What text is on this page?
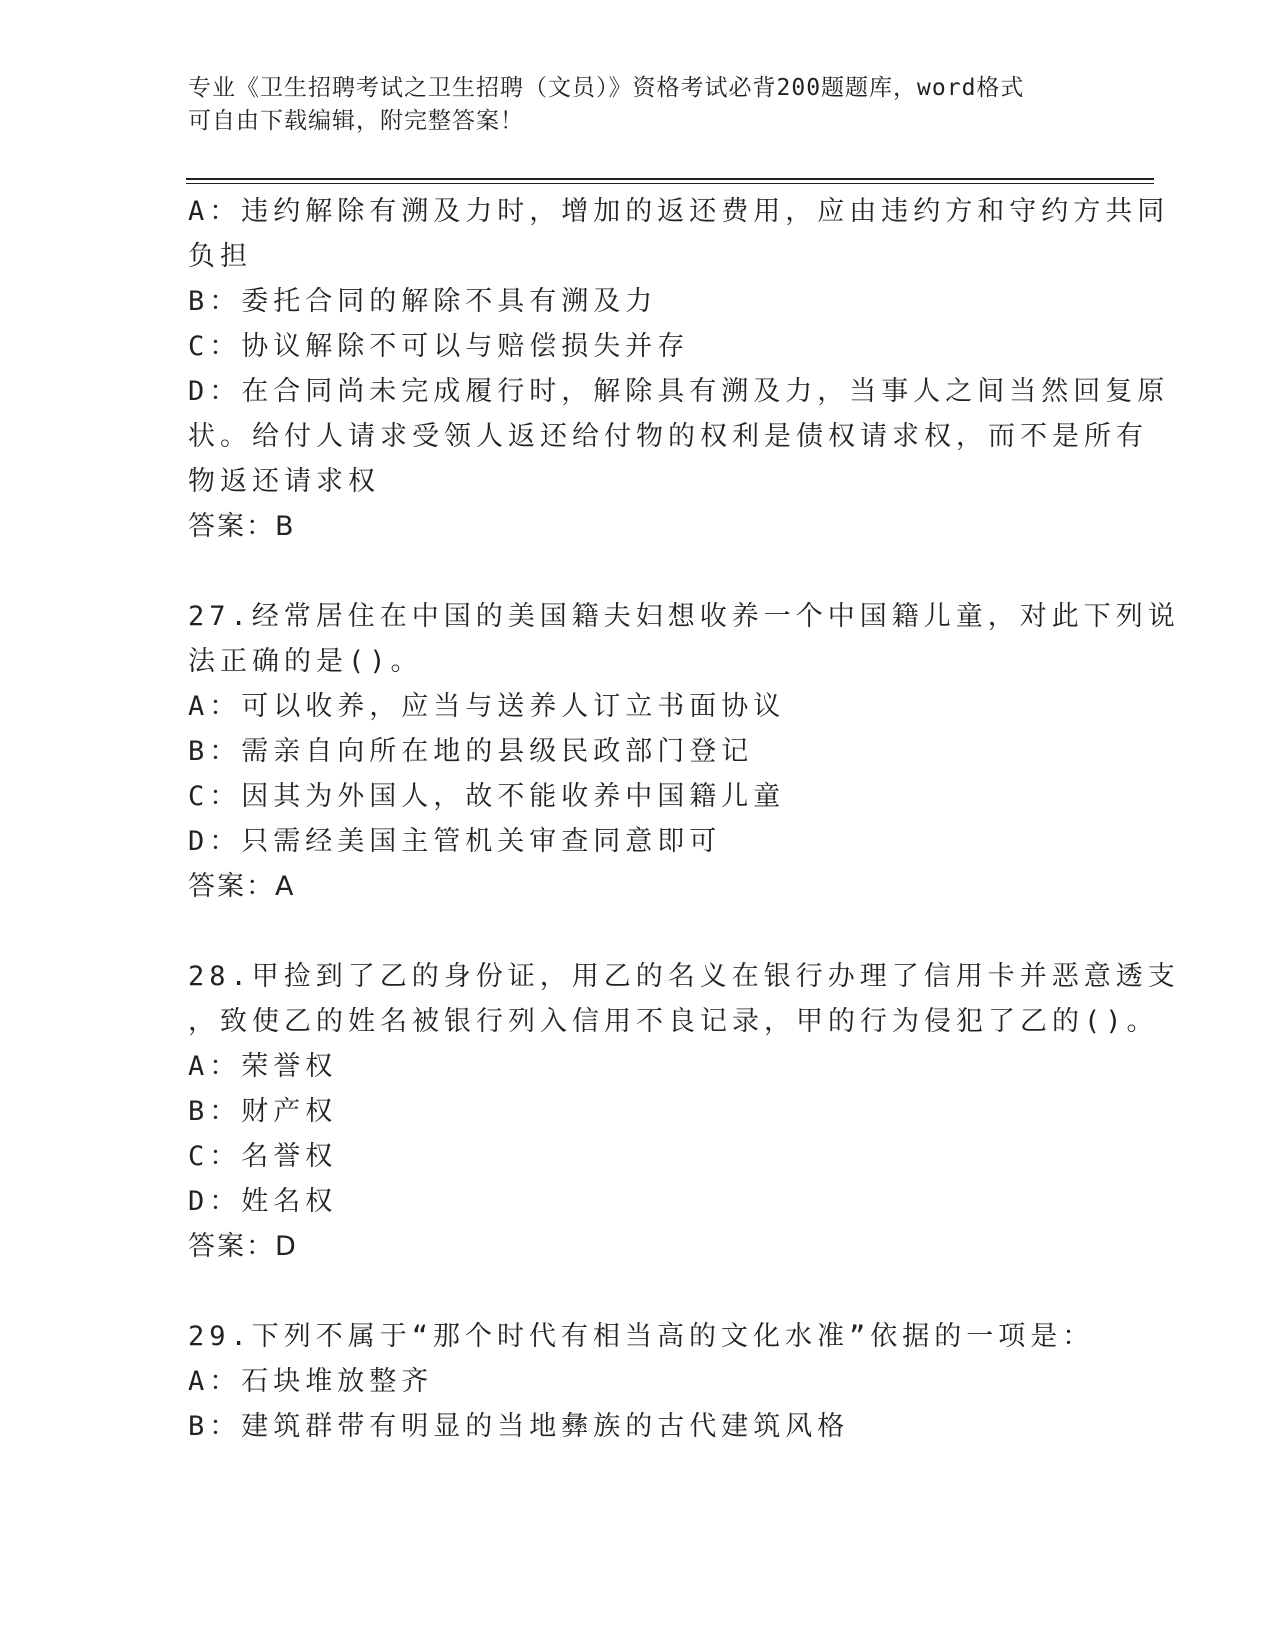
专业《卫生招聘考试之卫生招聘（文员）》资格考试必背200题题库，word格式
可自由下载编辑，附完整答案！
A：违约解除有溯及力时，增加的返还费用，应由违约方和守约方共同
负担
B：委托合同的解除不具有溯及力
C：协议解除不可以与赔偿损失并存
D：在合同尚未完成履行时，解除具有溯及力，当事人之间当然回复原
状。给付人请求受领人返还给付物的权利是债权请求权，而不是所有
物返还请求权
答案：B
27.经常居住在中国的美国籍夫妇想收养一个中国籍儿童，对此下列说
法正确的是()。
A：可以收养，应当与送养人订立书面协议
B：需亲自向所在地的县级民政部门登记
C：因其为外国人，故不能收养中国籍儿童
D：只需经美国主管机关审查同意即可
答案：A
28.甲捡到了乙的身份证，用乙的名义在银行办理了信用卡并恶意透支
，致使乙的姓名被银行列入信用不良记录，甲的行为侵犯了乙的()。
A：荣誉权
B：财产权
C：名誉权
D：姓名权
答案：D
29.下列不属于“那个时代有相当高的文化水准”依据的一项是：
A：石块堆放整齐
B：建筑群带有明显的当地彝族的古代建筑风格
